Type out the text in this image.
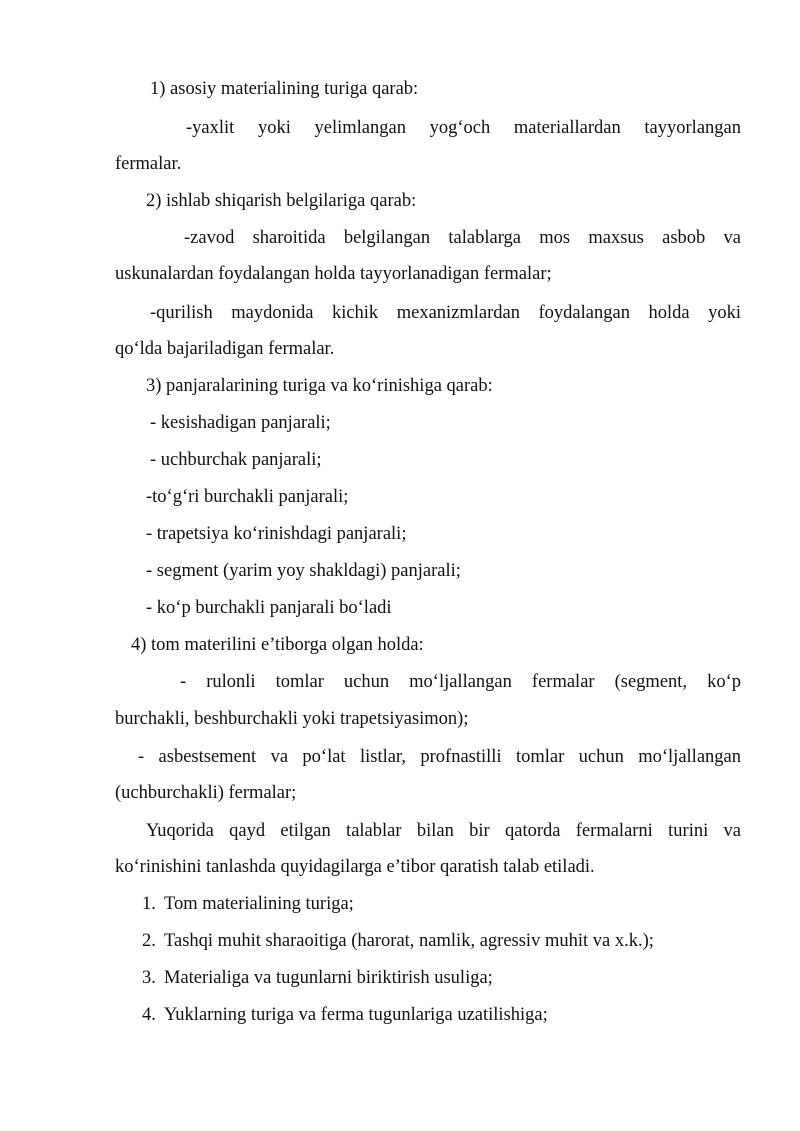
1) asosiy materialining turiga qarab:
-yaxlit yoki yelimlangan yog‘och materiallardan tayyorlangan
fermalar.
2) ishlab shiqarish belgilariga qarab:
-zavod sharoitida belgilangan talablarga mos maxsus asbob va
uskunalardan foydalangan holda tayyorlanadigan fermalar;
-qurilish maydonida kichik mexanizmlardan foydalangan holda yoki
qo‘lda bajariladigan fermalar.
3) panjaralarining turiga va ko‘rinishiga qarab:
- kesishadigan panjarali;
- uchburchak panjarali;
-to‘g‘ri burchakli panjarali;
- trapetsiya ko‘rinishdagi panjarali;
- segment (yarim yoy shakldagi) panjarali;
- ko‘p burchakli panjarali bo‘ladi
4) tom materilini e’tiborga olgan holda:
- rulonli tomlar uchun mo‘ljallangan fermalar (segment, ko‘p
burchakli, beshburchakli yoki trapetsiyasimon);
- asbestsement va po‘lat listlar, profnastilli tomlar uchun mo‘ljallangan
(uchburchakli) fermalar;
Yuqorida qayd etilgan talablar bilan bir qatorda fermalarni turini va
ko‘rinishini tanlashda quyidagilarga e’tibor qaratish talab etiladi.
1. Tom materialining turiga;
2. Tashqi muhit sharaoitiga (harorat, namlik, agressiv muhit va x.k.);
3. Materialiga va tugunlarni biriktirish usuliga;
4. Yuklarning turiga va ferma tugunlariga uzatilishiga;
